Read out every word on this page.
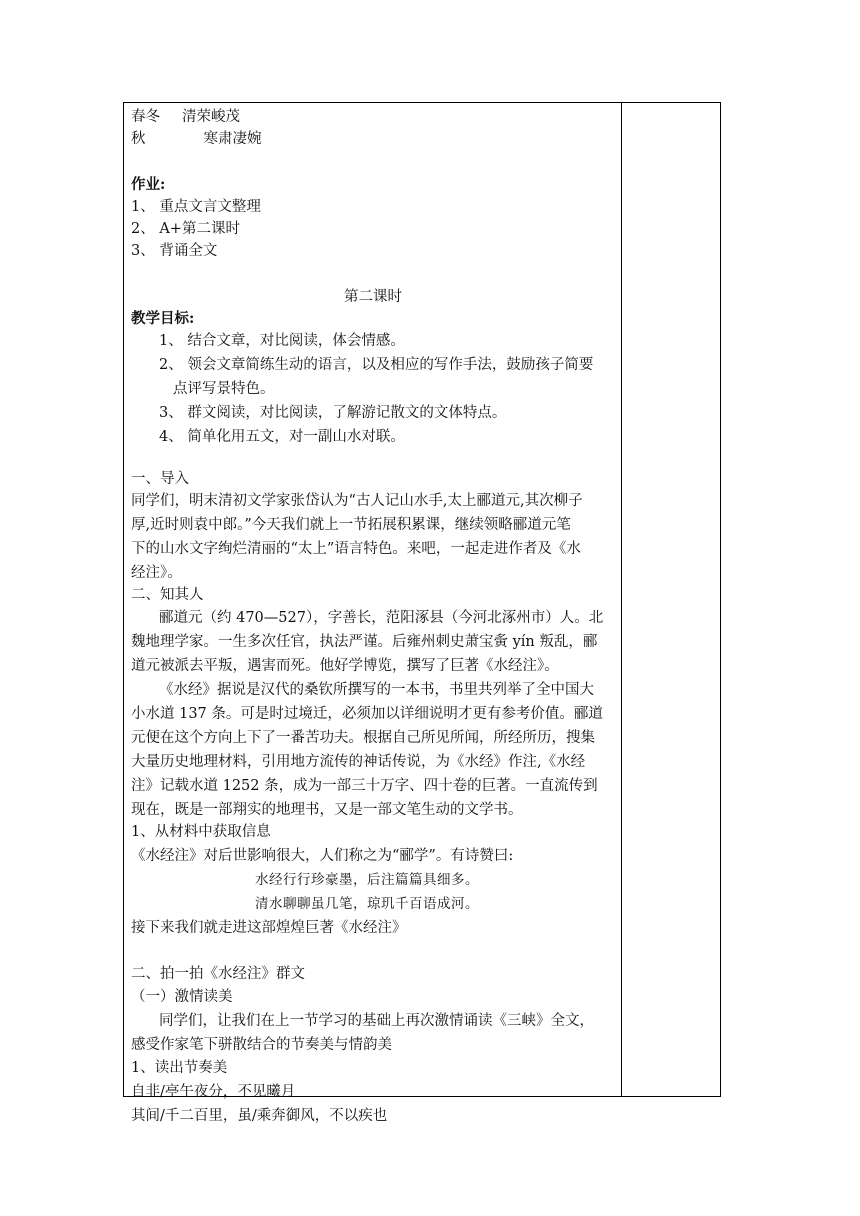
春冬 清荣峻茂
秋	寒肃凄婉
作业:
1、 重点文言文整理
2、 A+第二课时
3、 背诵全文
第二课时
教学目标:
1、 结合文章，对比阅读，体会情感。
2、 领会文章简练生动的语言，以及相应的写作手法，鼓励孩子简要
点评写景特色。
3、 群文阅读，对比阅读，了解游记散文的文体特点。
4、 简单化用五文，对一副山水对联。
一、导入
同学们，明末清初文学家张岱认为“古人记山水手,太上郦道元,其次柳子
厚,近时则袁中郎。”今天我们就上一节拓展积累课，继续领略郦道元笔
下的山水文字绚烂清丽的“太上”语言特色。来吧，一起走进作者及《水
经注》。
二、知其人
郦道元（约 470—527），字善长，范阳涿县（今河北涿州市）人。北
魏地理学家。一生多次任官，执法严谨。后雍州刺史萧宝夤 yín 叛乱，郦
道元被派去平叛，遇害而死。他好学博览，撰写了巨著《水经注》。
《水经》据说是汉代的桑钦所撰写的一本书，书里共列举了全中国大
小水道 137 条。可是时过境迁，必须加以详细说明才更有参考价值。郦道
元便在这个方向上下了一番苦功夫。根据自己所见所闻，所经所历，搜集
大量历史地理材料，引用地方流传的神话传说，为《水经》作注,《水经
注》记载水道 1252 条，成为一部三十万字、四十卷的巨著。一直流传到
现在，既是一部翔实的地理书，又是一部文笔生动的文学书。
1、从材料中获取信息
《水经注》对后世影响很大，人们称之为“郦学”。有诗赞曰:
水经行行珍豪墨，后注篇篇具细多。
清水聊聊虽几笔，琼玑千百语成河。
接下来我们就走进这部煌煌巨著《水经注》
二、拍一拍《水经注》群文
（一）激情读美
同学们，让我们在上一节学习的基础上再次激情诵读《三峡》全文，
感受作家笔下骈散结合的节奏美与情韵美
1、读出节奏美
自非/亭午夜分，不见曦月
其间/千二百里，虽/乘奔御风，不以疾也
